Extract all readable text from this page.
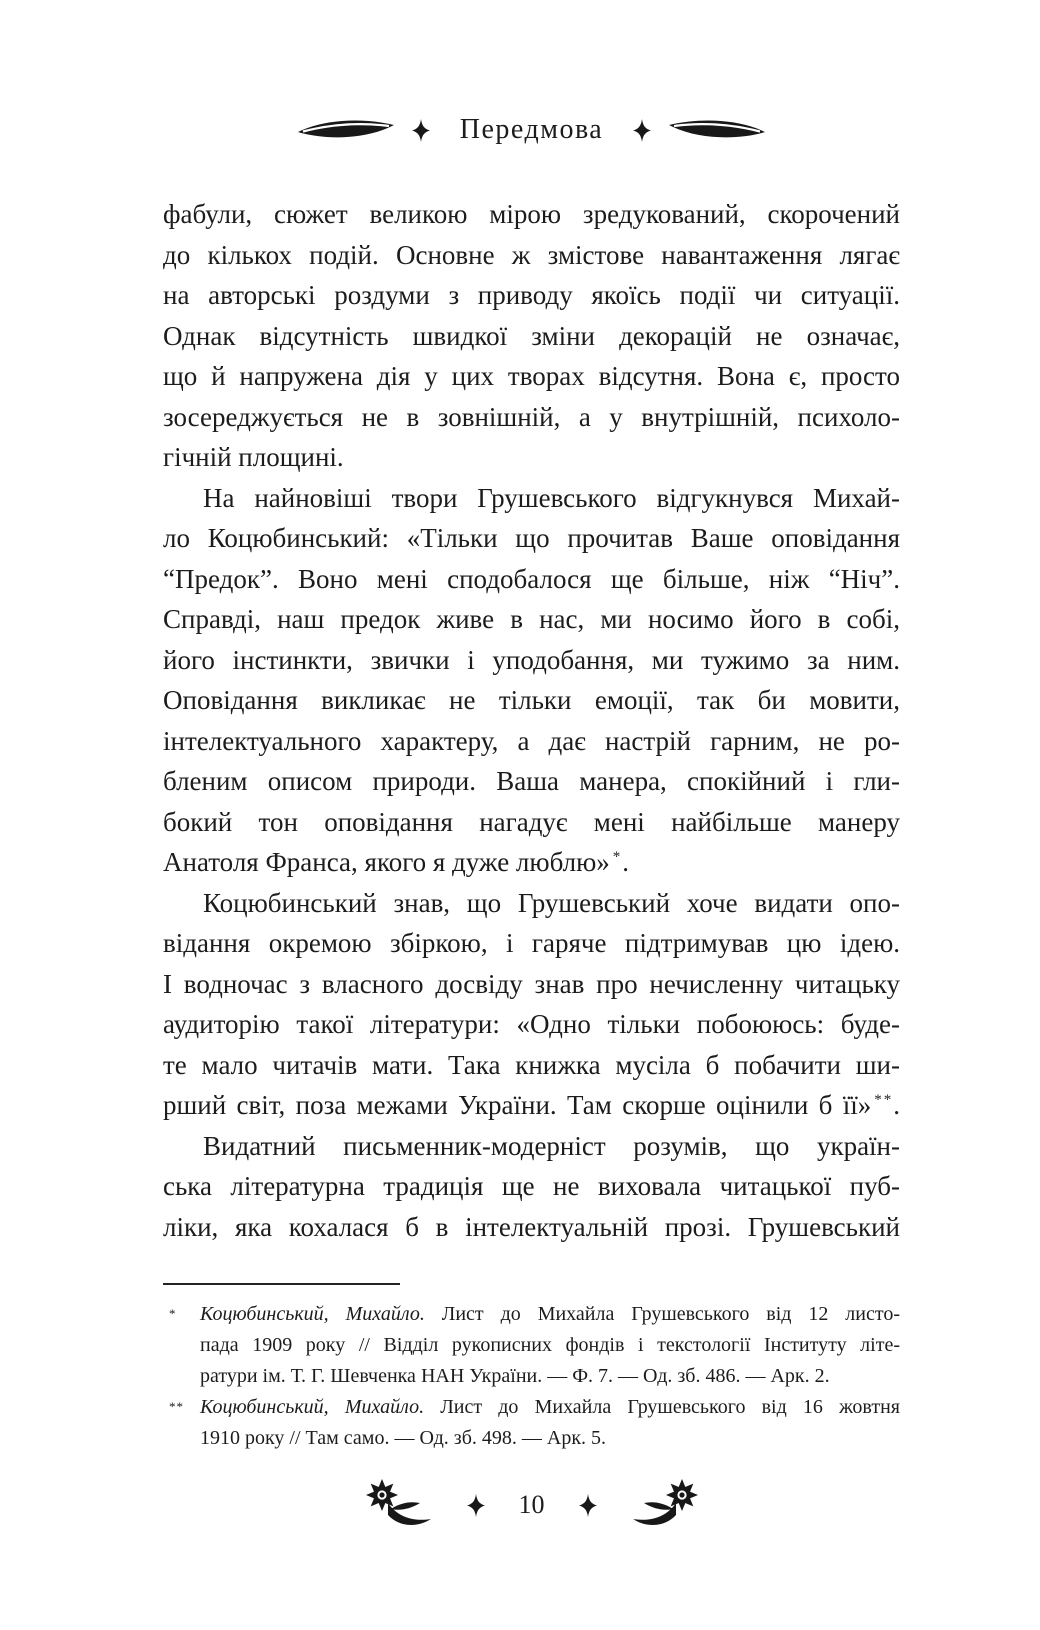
Передмова
фабули, сюжет великою мірою зредукований, скорочений
до кількох подій. Основне ж змістове навантаження лягає
на авторські роздуми з приводу якоїсь події чи ситуації.
Однак відсутність швидкої зміни декорацій не означає,
що й напружена дія у цих творах відсутня. Вона є, просто
зосереджується не в зовнішній, а у внутрішній, психоло-
гічній площині.
На найновіші твори Грушевського відгукнувся Михай-
ло Коцюбинський: «Тільки що прочитав Ваше оповідання
“Предок”. Воно мені сподобалося ще більше, ніж “Ніч”.
Справді, наш предок живе в нас, ми носимо його в собі,
його інстинкти, звички і уподобання, ми тужимо за ним.
Оповідання викликає не тільки емоції, так би мовити,
інтелектуального характеру, а дає настрій гарним, не ро-
бленим описом природи. Ваша манера, спокійний і гли-
бокий тон оповідання нагадує мені найбільше манеру
Анатоля Франса, якого я дуже люблю» *.
Коцюбинський знав, що Грушевський хоче видати опо-
відання окремою збіркою, і гаряче підтримував цю ідею.
І водночас з власного досвіду знав про нечисленну читацьку
аудиторію такої літератури: «Одно тільки побоююсь: буде-
те мало читачів мати. Така книжка мусіла б побачити ши-
рший світ, поза межами України. Там скорше оцінили б її» **.
Видатний письменник-модерніст розумів, що україн-
ська літературна традиція ще не виховала читацької пуб-
ліки, яка кохалася б в інтелектуальній прозі. Грушевський
* Коцюбинський, Михайло. Лист до Михайла Грушевського від 12 листо-
пада 1909 року // Відділ рукописних фондів і текстології Інституту літе-
ратури ім. Т. Г. Шевченка НАН України. — Ф. 7. — Од. зб. 486. — Арк. 2.
** Коцюбинський, Михайло. Лист до Михайла Грушевського від 16 жовтня
1910 року // Там само. — Од. зб. 498. — Арк. 5.
10
